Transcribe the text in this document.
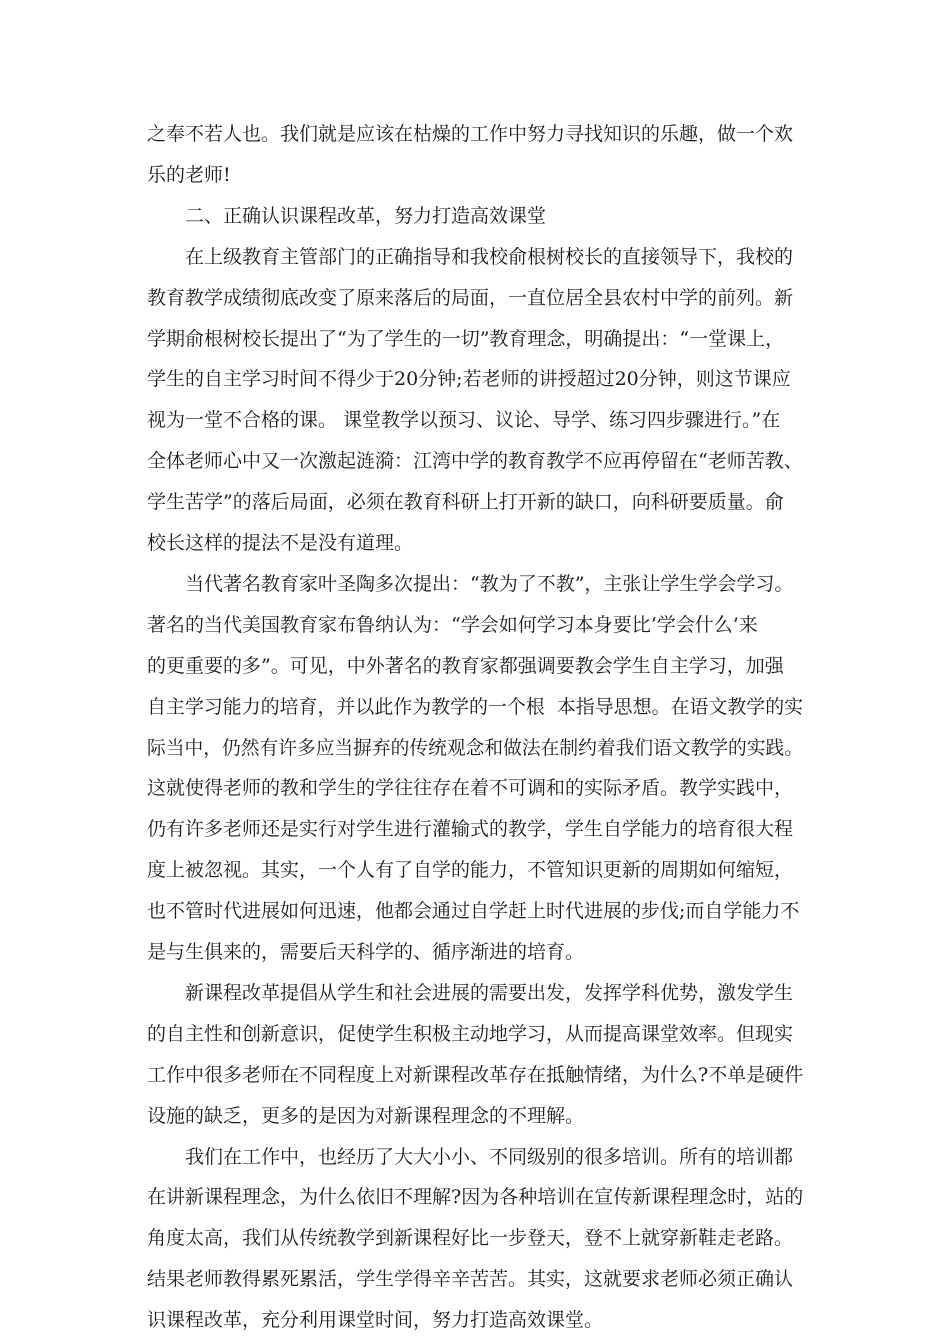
之奉不若人也。我们就是应该在枯燥的工作中努力寻找知识的乐趣，做一个欢

乐的老师!

　　二、正确认识课程改革，努力打造高效课堂

　　在上级教育主管部门的正确指导和我校俞根树校长的直接领导下，我校的

教育教学成绩彻底改变了原来落后的局面，一直位居全县农村中学的前列。新

学期俞根树校长提出了“为了学生的一切”教育理念，明确提出：“一堂课上，

学生的自主学习时间不得少于20分钟;若老师的讲授超过20分钟，则这节课应

视为一堂不合格的课。 课堂教学以预习、议论、导学、练习四步骤进行。”在

全体老师心中又一次激起涟漪：江湾中学的教育教学不应再停留在“老师苦教、

学生苦学”的落后局面，必须在教育科研上打开新的缺口，向科研要质量。俞

校长这样的提法不是没有道理。

　　当代著名教育家叶圣陶多次提出：“教为了不教”，主张让学生学会学习。

著名的当代美国教育家布鲁纳认为：“学会如何学习本身要比‘学会什么’来

的更重要的多”。可见，中外著名的教育家都强调要教会学生自主学习，加强

自主学习能力的培育，并以此作为教学的一个根  本指导思想。在语文教学的实

际当中，仍然有许多应当摒弃的传统观念和做法在制约着我们语文教学的实践。

这就使得老师的教和学生的学往往存在着不可调和的实际矛盾。教学实践中，

仍有许多老师还是实行对学生进行灌输式的教学，学生自学能力的培育很大程

度上被忽视。其实，一个人有了自学的能力，不管知识更新的周期如何缩短，

也不管时代进展如何迅速，他都会通过自学赶上时代进展的步伐;而自学能力不

是与生俱来的，需要后天科学的、循序渐进的培育。

　　新课程改革提倡从学生和社会进展的需要出发，发挥学科优势，激发学生

的自主性和创新意识，促使学生积极主动地学习，从而提高课堂效率。但现实

工作中很多老师在不同程度上对新课程改革存在抵触情绪，为什么?不单是硬件

设施的缺乏，更多的是因为对新课程理念的不理解。

　　我们在工作中，也经历了大大小小、不同级别的很多培训。所有的培训都

在讲新课程理念，为什么依旧不理解?因为各种培训在宣传新课程理念时，站的

角度太高，我们从传统教学到新课程好比一步登天，登不上就穿新鞋走老路。

结果老师教得累死累活，学生学得辛辛苦苦。其实，这就要求老师必须正确认

识课程改革，充分利用课堂时间，努力打造高效课堂。
